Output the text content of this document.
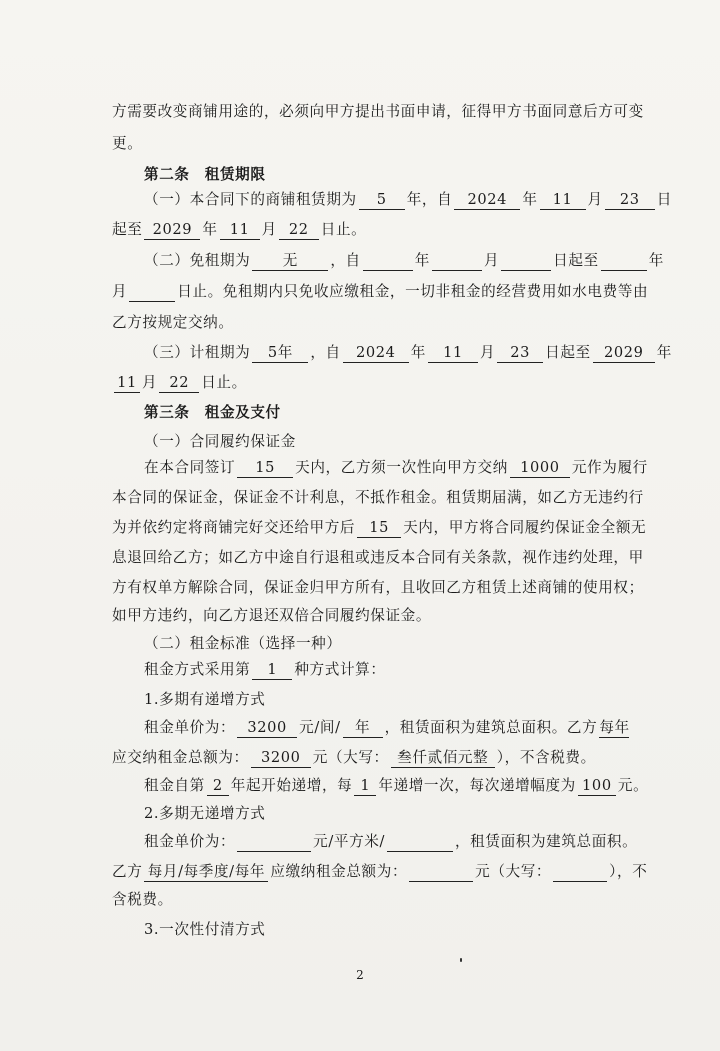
方需要改变商铺用途的，必须向甲方提出书面申请，征得甲方书面同意后方可变
更。
第二条　租赁期限
（一）本合同下的商铺租赁期为 5 年，自 2024 年 11 月 23 日
起至 2029 年 11 月 22 日止。
（二）免租期为 无 ，自	年	月	日起至	年
月	日止。免租期内只免收应缴租金，一切非租金的经营费用如水电费等由
乙方按规定交纳。
（三）计租期为 5年 ，自 2024 年 11 月 23 日起至 2029 年
11 月 22 日止。
第三条　租金及支付
（一）合同履约保证金
在本合同签订 15 天内，乙方须一次性向甲方交纳 1000 元作为履行
本合同的保证金，保证金不计利息，不抵作租金。租赁期届满，如乙方无违约行
为并依约定将商铺完好交还给甲方后 15 天内，甲方将合同履约保证金全额无
息退回给乙方；如乙方中途自行退租或违反本合同有关条款，视作违约处理，甲
方有权单方解除合同，保证金归甲方所有，且收回乙方租赁上述商铺的使用权；
如甲方违约，向乙方退还双倍合同履约保证金。
（二）租金标准（选择一种）
租金方式采用第 1 种方式计算：
1.多期有递增方式
租金单价为： 3200 元/间/ 年 ，租赁面积为建筑总面积。乙方 每年
应交纳租金总额为： 3200 元（大写： 叁仟贰佰元整 ），不含税费。
租金自第 2 年起开始递增，每 1 年递增一次，每次递增幅度为 100 元。
2.多期无递增方式
租金单价为：	元/平方米/	，租赁面积为建筑总面积。
乙方 每月/每季度/每年 应缴纳租金总额为：	元（大写：	），不
含税费。
3.一次性付清方式
2
